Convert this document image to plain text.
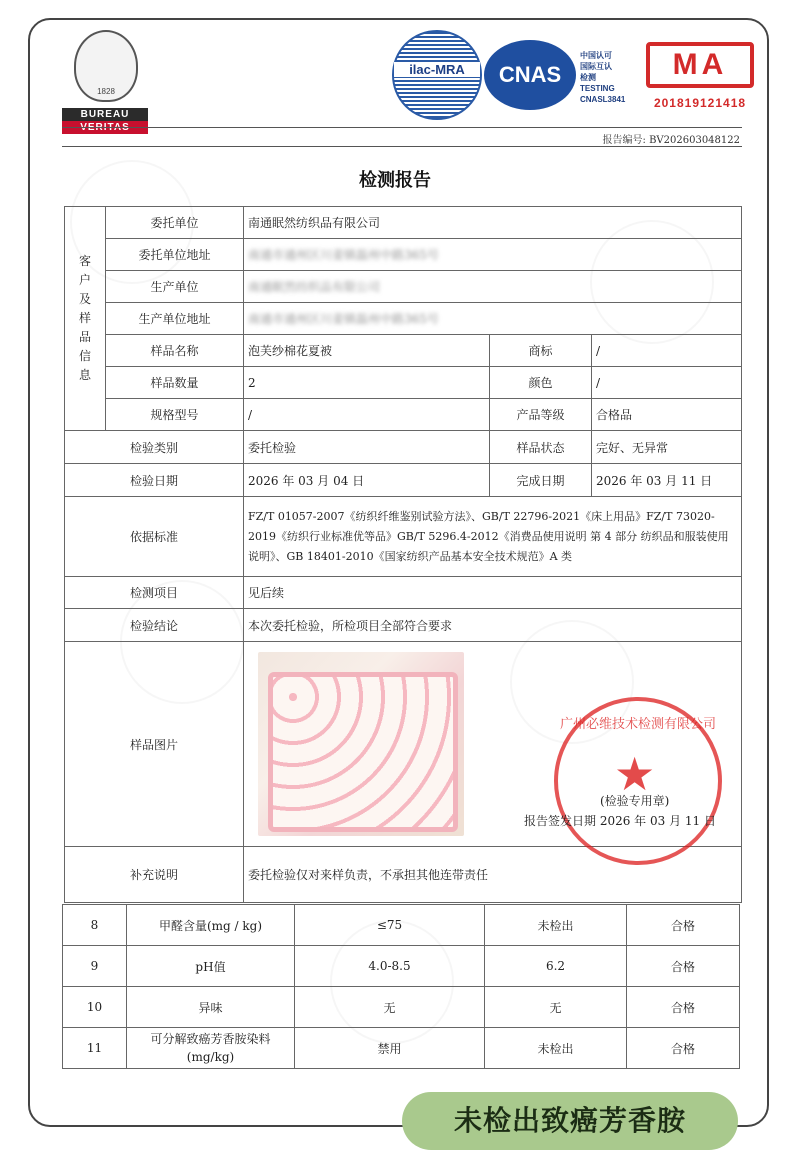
1828
BUREAU
VERITAS
ilac-MRA	CNAS
中国认可
国际互认
检测
TESTING
CNASL3841
MA
201819121418
报告编号: BV202603048122
检测报告
客户及样品信息	委托单位	南通眠然纺织品有限公司		
	委托单位地址	南通市通州区川姜镇磊州中路365号		
	生产单位	南通眠然纺织品有限公司		
	生产单位地址	南通市通州区川姜镇磊州中路365号		
	样品名称	泡芙纱棉花夏被	商标	/
	样品数量	2	颜色	/
	规格型号	/	产品等级	合格品
检验类别		委托检验	样品状态	完好、无异常
检验日期		2026 年 03 月 04 日	完成日期	2026 年 03 月 11 日
依据标准		FZ/T 01057-2007《纺织纤维鉴别试验方法》、GB/T 22796-2021《床上用品》FZ/T 73020-2019《纺织行业标准优等品》GB/T 5296.4-2012《消费品使用说明 第 4 部分 纺织品和服装使用说明》、GB 18401-2010《国家纺织产品基本安全技术规范》A 类		
检测项目		见后续		
检验结论		本次委托检验，所检项目全部符合要求		
样品图片		广州必维技术检测有限公司
★
(检验专用章)
报告签发日期 2026 年 03 月 11 日		

补充说明		委托检验仅对来样负责，不承担其他连带责任		
8	甲醛含量(mg / kg)	≤75	未检出	合格
9	pH值	4.0-8.5	6.2	合格
10	异味	无	无	合格
11	可分解致癌芳香胺染料(mg/kg)	禁用	未检出	合格
未检出致癌芳香胺
